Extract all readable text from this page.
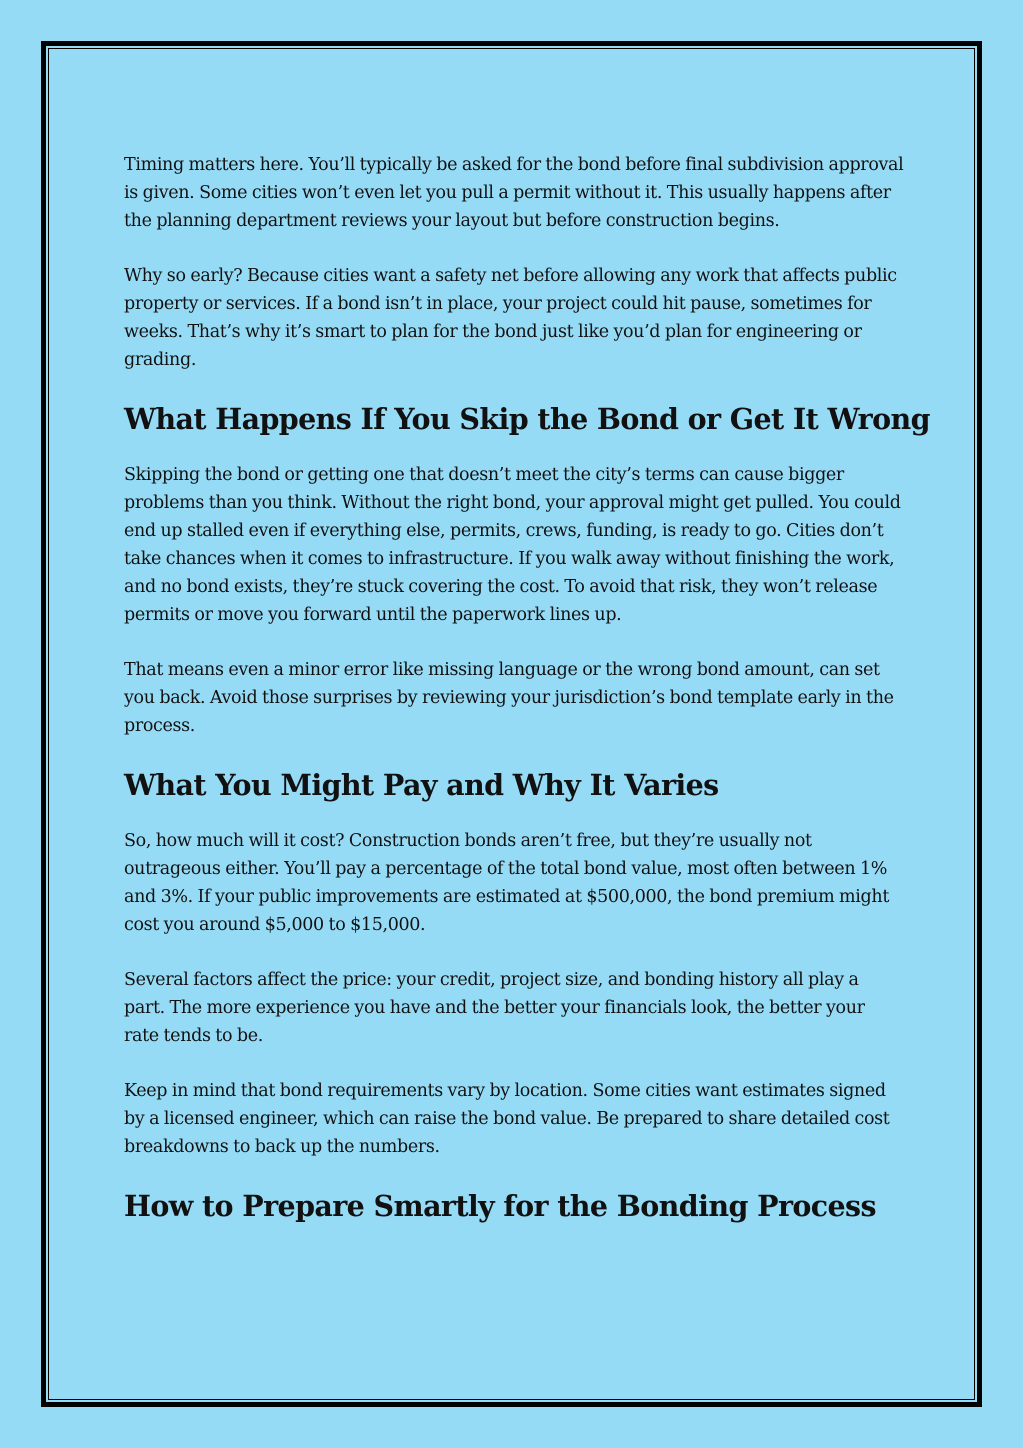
Timing matters here. You’ll typically be asked for the bond before final subdivision approval is given. Some cities won’t even let you pull a permit without it. This usually happens after the planning department reviews your layout but before construction begins.

Why so early? Because cities want a safety net before allowing any work that affects public property or services. If a bond isn’t in place, your project could hit pause, sometimes for weeks. That’s why it’s smart to plan for the bond just like you’d plan for engineering or grading.

What Happens If You Skip the Bond or Get It Wrong

Skipping the bond or getting one that doesn’t meet the city’s terms can cause bigger problems than you think. Without the right bond, your approval might get pulled. You could end up stalled even if everything else, permits, crews, funding, is ready to go. Cities don’t take chances when it comes to infrastructure. If you walk away without finishing the work, and no bond exists, they’re stuck covering the cost. To avoid that risk, they won’t release permits or move you forward until the paperwork lines up.

That means even a minor error like missing language or the wrong bond amount, can set you back. Avoid those surprises by reviewing your jurisdiction’s bond template early in the process.

What You Might Pay and Why It Varies

So, how much will it cost? Construction bonds aren’t free, but they’re usually not outrageous either. You’ll pay a percentage of the total bond value, most often between 1% and 3%. If your public improvements are estimated at $500,000, the bond premium might cost you around $5,000 to $15,000.

Several factors affect the price: your credit, project size, and bonding history all play a part. The more experience you have and the better your financials look, the better your rate tends to be.

Keep in mind that bond requirements vary by location. Some cities want estimates signed by a licensed engineer, which can raise the bond value. Be prepared to share detailed cost breakdowns to back up the numbers.

How to Prepare Smartly for the Bonding Process
